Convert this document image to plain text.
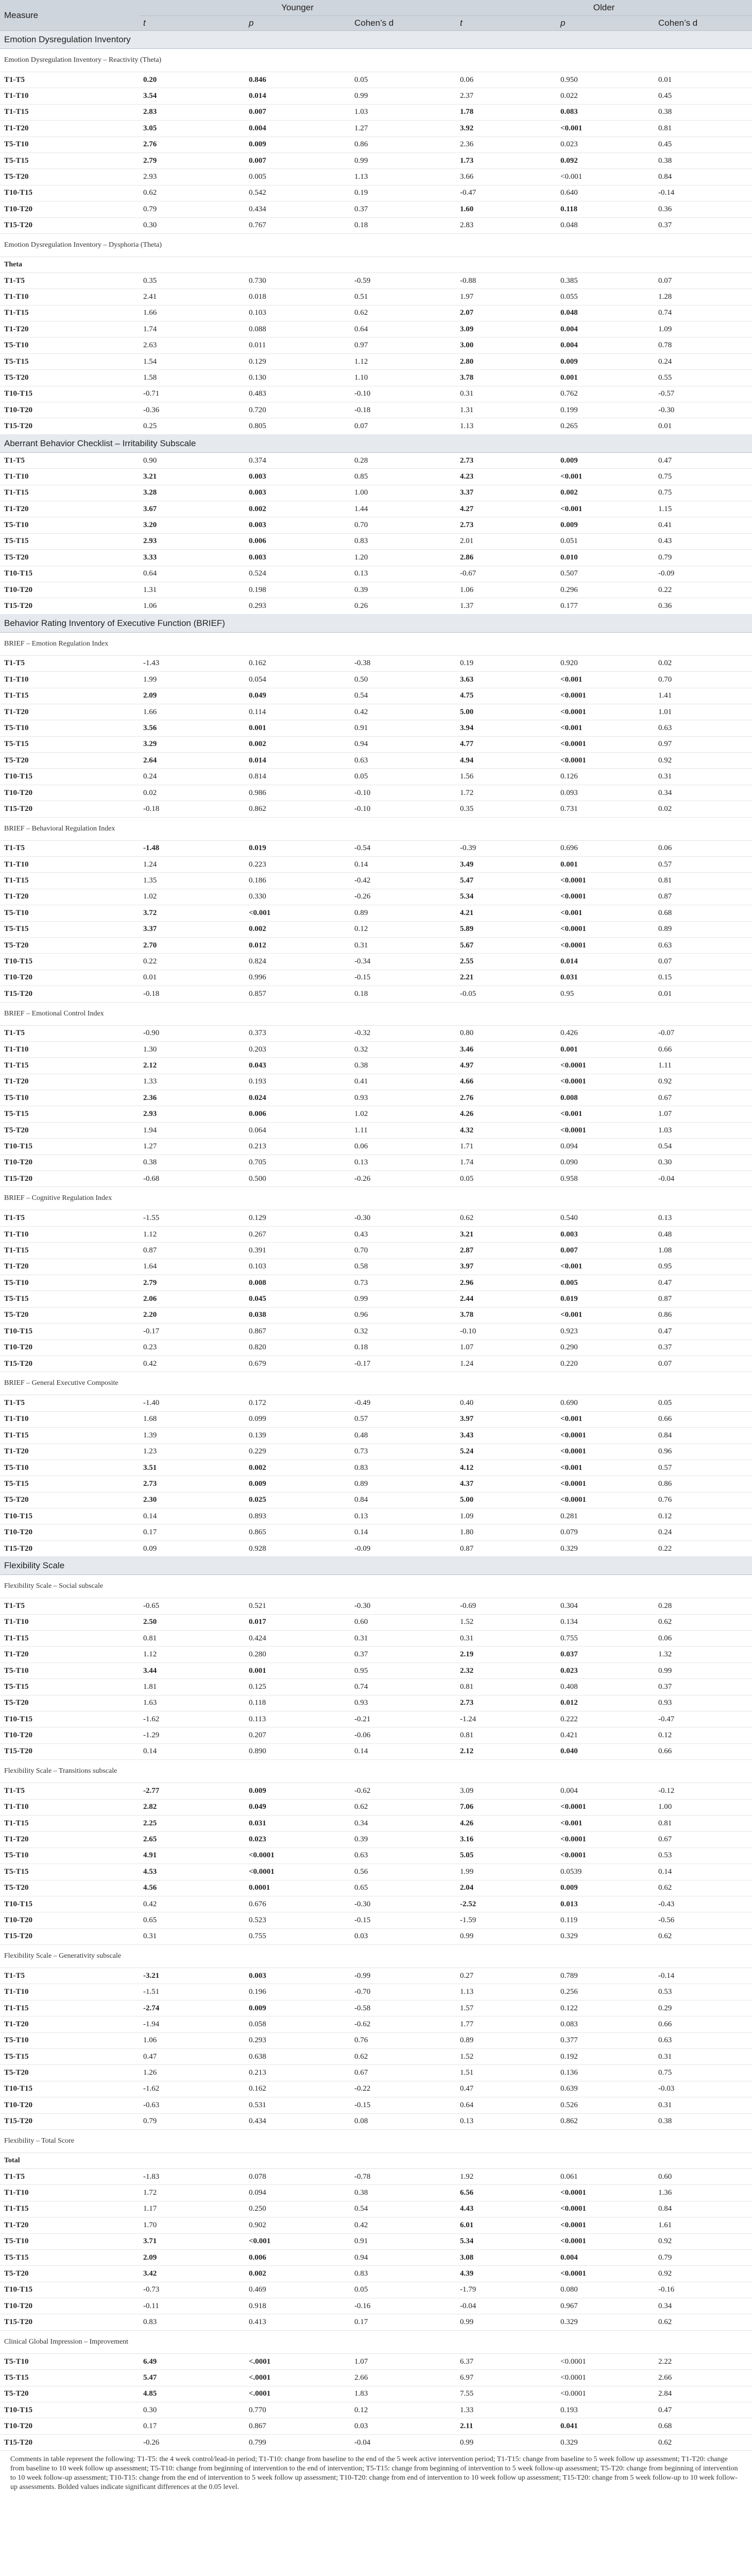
Measure	Younger			Older		
	t	p	Cohen’s d	t	p	Cohen’s d
Emotion Dysregulation Inventory						
Emotion Dysregulation Inventory – Reactivity (Theta)						
T1-T5	0.20	0.846	0.05	0.06	0.950	0.01
T1-T10	3.54	0.014	0.99	2.37	0.022	0.45
T1-T15	2.83	0.007	1.03	1.78	0.083	0.38
T1-T20	3.05	0.004	1.27	3.92	<0.001	0.81
T5-T10	2.76	0.009	0.86	2.36	0.023	0.45
T5-T15	2.79	0.007	0.99	1.73	0.092	0.38
T5-T20	2.93	0.005	1.13	3.66	<0.001	0.84
T10-T15	0.62	0.542	0.19	-0.47	0.640	-0.14
T10-T20	0.79	0.434	0.37	1.60	0.118	0.36
T15-T20	0.30	0.767	0.18	2.83	0.048	0.37
Emotion Dysregulation Inventory – Dysphoria (Theta)						
Theta						
T1-T5	0.35	0.730	-0.59	-0.88	0.385	0.07
T1-T10	2.41	0.018	0.51	1.97	0.055	1.28
T1-T15	1.66	0.103	0.62	2.07	0.048	0.74
T1-T20	1.74	0.088	0.64	3.09	0.004	1.09
T5-T10	2.63	0.011	0.97	3.00	0.004	0.78
T5-T15	1.54	0.129	1.12	2.80	0.009	0.24
T5-T20	1.58	0.130	1.10	3.78	0.001	0.55
T10-T15	-0.71	0.483	-0.10	0.31	0.762	-0.57
T10-T20	-0.36	0.720	-0.18	1.31	0.199	-0.30
T15-T20	0.25	0.805	0.07	1.13	0.265	0.01
Aberrant Behavior Checklist – Irritability Subscale						
T1-T5	0.90	0.374	0.28	2.73	0.009	0.47
T1-T10	3.21	0.003	0.85	4.23	<0.001	0.75
T1-T15	3.28	0.003	1.00	3.37	0.002	0.75
T1-T20	3.67	0.002	1.44	4.27	<0.001	1.15
T5-T10	3.20	0.003	0.70	2.73	0.009	0.41
T5-T15	2.93	0.006	0.83	2.01	0.051	0.43
T5-T20	3.33	0.003	1.20	2.86	0.010	0.79
T10-T15	0.64	0.524	0.13	-0.67	0.507	-0.09
T10-T20	1.31	0.198	0.39	1.06	0.296	0.22
T15-T20	1.06	0.293	0.26	1.37	0.177	0.36
Behavior Rating Inventory of Executive Function (BRIEF)						
BRIEF – Emotion Regulation Index						
T1-T5	-1.43	0.162	-0.38	0.19	0.920	0.02
T1-T10	1.99	0.054	0.50	3.63	<0.001	0.70
T1-T15	2.09	0.049	0.54	4.75	<0.0001	1.41
T1-T20	1.66	0.114	0.42	5.00	<0.0001	1.01
T5-T10	3.56	0.001	0.91	3.94	<0.001	0.63
T5-T15	3.29	0.002	0.94	4.77	<0.0001	0.97
T5-T20	2.64	0.014	0.63	4.94	<0.0001	0.92
T10-T15	0.24	0.814	0.05	1.56	0.126	0.31
T10-T20	0.02	0.986	-0.10	1.72	0.093	0.34
T15-T20	-0.18	0.862	-0.10	0.35	0.731	0.02
BRIEF – Behavioral Regulation Index						
T1-T5	-1.48	0.019	-0.54	-0.39	0.696	0.06
T1-T10	1.24	0.223	0.14	3.49	0.001	0.57
T1-T15	1.35	0.186	-0.42	5.47	<0.0001	0.81
T1-T20	1.02	0.330	-0.26	5.34	<0.0001	0.87
T5-T10	3.72	<0.001	0.89	4.21	<0.001	0.68
T5-T15	3.37	0.002	0.12	5.89	<0.0001	0.89
T5-T20	2.70	0.012	0.31	5.67	<0.0001	0.63
T10-T15	0.22	0.824	-0.34	2.55	0.014	0.07
T10-T20	0.01	0.996	-0.15	2.21	0.031	0.15
T15-T20	-0.18	0.857	0.18	-0.05	0.95	0.01
BRIEF – Emotional Control Index						
T1-T5	-0.90	0.373	-0.32	0.80	0.426	-0.07
T1-T10	1.30	0.203	0.32	3.46	0.001	0.66
T1-T15	2.12	0.043	0.38	4.97	<0.0001	1.11
T1-T20	1.33	0.193	0.41	4.66	<0.0001	0.92
T5-T10	2.36	0.024	0.93	2.76	0.008	0.67
T5-T15	2.93	0.006	1.02	4.26	<0.001	1.07
T5-T20	1.94	0.064	1.11	4.32	<0.0001	1.03
T10-T15	1.27	0.213	0.06	1.71	0.094	0.54
T10-T20	0.38	0.705	0.13	1.74	0.090	0.30
T15-T20	-0.68	0.500	-0.26	0.05	0.958	-0.04
BRIEF – Cognitive Regulation Index						
T1-T5	-1.55	0.129	-0.30	0.62	0.540	0.13
T1-T10	1.12	0.267	0.43	3.21	0.003	0.48
T1-T15	0.87	0.391	0.70	2.87	0.007	1.08
T1-T20	1.64	0.103	0.58	3.97	<0.001	0.95
T5-T10	2.79	0.008	0.73	2.96	0.005	0.47
T5-T15	2.06	0.045	0.99	2.44	0.019	0.87
T5-T20	2.20	0.038	0.96	3.78	<0.001	0.86
T10-T15	-0.17	0.867	0.32	-0.10	0.923	0.47
T10-T20	0.23	0.820	0.18	1.07	0.290	0.37
T15-T20	0.42	0.679	-0.17	1.24	0.220	0.07
BRIEF – General Executive Composite						
T1-T5	-1.40	0.172	-0.49	0.40	0.690	0.05
T1-T10	1.68	0.099	0.57	3.97	<0.001	0.66
T1-T15	1.39	0.139	0.48	3.43	<0.0001	0.84
T1-T20	1.23	0.229	0.73	5.24	<0.0001	0.96
T5-T10	3.51	0.002	0.83	4.12	<0.001	0.57
T5-T15	2.73	0.009	0.89	4.37	<0.0001	0.86
T5-T20	2.30	0.025	0.84	5.00	<0.0001	0.76
T10-T15	0.14	0.893	0.13	1.09	0.281	0.12
T10-T20	0.17	0.865	0.14	1.80	0.079	0.24
T15-T20	0.09	0.928	-0.09	0.87	0.329	0.22
Flexibility Scale						
Flexibility Scale – Social subscale						
T1-T5	-0.65	0.521	-0.30	-0.69	0.304	0.28
T1-T10	2.50	0.017	0.60	1.52	0.134	0.62
T1-T15	0.81	0.424	0.31	0.31	0.755	0.06
T1-T20	1.12	0.280	0.37	2.19	0.037	1.32
T5-T10	3.44	0.001	0.95	2.32	0.023	0.99
T5-T15	1.81	0.125	0.74	0.81	0.408	0.37
T5-T20	1.63	0.118	0.93	2.73	0.012	0.93
T10-T15	-1.62	0.113	-0.21	-1.24	0.222	-0.47
T10-T20	-1.29	0.207	-0.06	0.81	0.421	0.12
T15-T20	0.14	0.890	0.14	2.12	0.040	0.66
Flexibility Scale – Transitions subscale						
T1-T5	-2.77	0.009	-0.62	3.09	0.004	-0.12
T1-T10	2.82	0.049	0.62	7.06	<0.0001	1.00
T1-T15	2.25	0.031	0.34	4.26	<0.001	0.81
T1-T20	2.65	0.023	0.39	3.16	<0.0001	0.67
T5-T10	4.91	<0.0001	0.63	5.05	<0.0001	0.53
T5-T15	4.53	<0.0001	0.56	1.99	0.0539	0.14
T5-T20	4.56	0.0001	0.65	2.04	0.009	0.62
T10-T15	0.42	0.676	-0.30	-2.52	0.013	-0.43
T10-T20	0.65	0.523	-0.15	-1.59	0.119	-0.56
T15-T20	0.31	0.755	0.03	0.99	0.329	0.62
Flexibility Scale – Generativity subscale						
T1-T5	-3.21	0.003	-0.99	0.27	0.789	-0.14
T1-T10	-1.51	0.196	-0.70	1.13	0.256	0.53
T1-T15	-2.74	0.009	-0.58	1.57	0.122	0.29
T1-T20	-1.94	0.058	-0.62	1.77	0.083	0.66
T5-T10	1.06	0.293	0.76	0.89	0.377	0.63
T5-T15	0.47	0.638	0.62	1.52	0.192	0.31
T5-T20	1.26	0.213	0.67	1.51	0.136	0.75
T10-T15	-1.62	0.162	-0.22	0.47	0.639	-0.03
T10-T20	-0.63	0.531	-0.15	0.64	0.526	0.31
T15-T20	0.79	0.434	0.08	0.13	0.862	0.38
Flexibility – Total Score						
Total						
T1-T5	-1.83	0.078	-0.78	1.92	0.061	0.60
T1-T10	1.72	0.094	0.38	6.56	<0.0001	1.36
T1-T15	1.17	0.250	0.54	4.43	<0.0001	0.84
T1-T20	1.70	0.902	0.42	6.01	<0.0001	1.61
T5-T10	3.71	<0.001	0.91	5.34	<0.0001	0.92
T5-T15	2.09	0.006	0.94	3.08	0.004	0.79
T5-T20	3.42	0.002	0.83	4.39	<0.0001	0.92
T10-T15	-0.73	0.469	0.05	-1.79	0.080	-0.16
T10-T20	-0.11	0.918	-0.16	-0.04	0.967	0.34
T15-T20	0.83	0.413	0.17	0.99	0.329	0.62
Clinical Global Impression – Improvement						
T5-T10	6.49	<.0001	1.07	6.37	<0.0001	2.22
T5-T15	5.47	<.0001	2.66	6.97	<0.0001	2.66
T5-T20	4.85	<.0001	1.83	7.55	<0.0001	2.84
T10-T15	0.30	0.770	0.12	1.33	0.193	0.47
T10-T20	0.17	0.867	0.03	2.11	0.041	0.68
T15-T20	-0.26	0.799	-0.04	0.99	0.329	0.62
Comments in table represent the following: T1-T5: the 4 week control/lead-in period; T1-T10: change from baseline to the end of the 5 week active intervention period; T1-T15: change from baseline to 5 week follow up assessment; T1-T20: change from baseline to 10 week follow up assessment; T5-T10: change from beginning of intervention to the end of intervention; T5-T15: change from beginning of intervention to 5 week follow-up assessment; T5-T20: change from beginning of intervention to 10 week follow-up assessment; T10-T15: change from the end of intervention to 5 week follow up assessment; T10-T20: change from end of intervention to 10 week follow up assessment; T15-T20: change from 5 week follow-up to 10 week follow-up assessments. Bolded values indicate significant differences at the 0.05 level.
